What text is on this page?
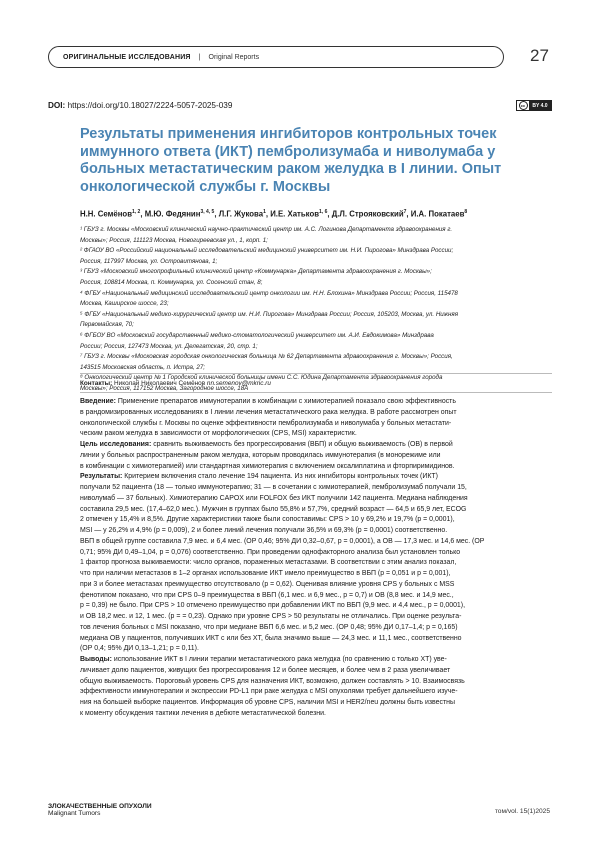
ОРИГИНАЛЬНЫЕ ИССЛЕДОВАНИЯ | Original Reports	27
DOI: https://doi.org/10.18027/2224-5057-2025-039	cc	BY 4.0
Результаты применения ингибиторов контрольных точек иммунного ответа (ИКТ) пембролизумаба и ниволумаба у больных метастатическим раком желудка в I линии. Опыт онкологической службы г. Москвы
Н.Н. Семёнов1, 2, М.Ю. Федянин3, 4, 5, Л.Г. Жукова1, И.Е. Хатьков1, 6, Д.Л. Строяковский7, И.А. Покатаев8
¹ ГБУЗ г. Москвы «Московский клинический научно-практический центр им. А.С. Логинова Департамента здравоохранения г.
Москвы»; Россия, 111123 Москва, Новогиреевская ул., 1, корп. 1;
² ФГАОУ ВО «Российский национальный исследовательский медицинский университет им. Н.И. Пирогова» Минздрава России;
Россия, 117997 Москва, ул. Островитянова, 1;
³ ГБУЗ «Московский многопрофильный клинический центр «Коммунарка» Департамента здравоохранения г. Москвы»;
Россия, 108814 Москва, п. Коммунарка, ул. Сосенский стан, 8;
⁴ ФГБУ «Национальный медицинский исследовательский центр онкологии им. Н.Н. Блохина» Минздрава России; Россия, 115478
Москва, Каширское шоссе, 23;
⁵ ФГБУ «Национальный медико-хирургический центр им. Н.И. Пирогова» Минздрава России; Россия, 105203, Москва, ул. Нижняя
Первомайская, 70;
⁶ ФГБОУ ВО «Московский государственный медико-стоматологический университет им. А.И. Евдокимова» Минздрава
России; Россия, 127473 Москва, ул. Делегатская, 20, стр. 1;
⁷ ГБУЗ г. Москвы «Московская городская онкологическая больница № 62 Департамента здравоохранения г. Москвы»; Россия,
143515 Московская область, п. Истра, 27;
⁸ Онкологический центр № 1 Городской клинической больницы имени С.С. Юдина Департамента здравоохранения города
Москвы»; Россия, 117152 Москва, Загородное шоссе, 18А
Контакты: Николай Николаевич Семёнов nn.semenov@mknc.ru

Введение: Применение препаратов иммунотерапии в комбинации с химиотерапией показало свою эффективность

в рандомизированных исследованиях в I линии лечения метастатического рака желудка. В работе рассмотрен опыт

онкологической службы г. Москвы по оценке эффективности пембролизумаба и ниволумаба у больных метастати-

ческим раком желудка в зависимости от морфологических (CPS, MSI) характеристик.

Цель исследования: сравнить выживаемость без прогрессирования (ВБП) и общую выживаемость (ОВ) в первой

линии у больных распространенным раком желудка, которым проводилась иммунотерапия (в монорежиме или

в комбинации с химиотерапией) или стандартная химиотерапия с включением оксалиплатина и фторпиримидинов.

Результаты: Критерием включения стало лечение 194 пациента. Из них ингибиторы контрольных точек (ИКТ)

получали 52 пациента (18 — только иммунотерапию; 31 — в сочетании с химиотерапией, пембролизумаб получали 15,

ниволумаб — 37 больных). Химиотерапию CAPOX или FOLFOX без ИКТ получили 142 пациента. Медиана наблюдения

составила 29,5 мес. (17,4–62,0 мес.). Мужчин в группах было 55,8% и 57,7%, средний возраст — 64,5 и 65,9 лет, ECOG

2 отмечен у 15,4% и 8,5%. Другие характеристики также были сопоставимы: CPS > 10 у 69,2% и 19,7% (p = 0,0001),

MSI — у 26,2% и 4,9% (p = 0,009), 2 и более линий лечения получали 36,5% и 69,3% (p = 0,0001) соответственно.

ВБП в общей группе составила 7,9 мес. и 6,4 мес. (ОР 0,46; 95% ДИ 0,32–0,67, p = 0,0001), а ОВ — 17,3 мес. и 14,6 мес. (ОР

0,71; 95% ДИ 0,49–1,04, p = 0,076) соответственно. При проведении однофакторного анализа был установлен только

1 фактор прогноза выживаемости: число органов, пораженных метастазами. В соответствии с этим анализ показал,

что при наличии метастазов в 1–2 органах использование ИКТ имело преимущество в ВБП (p = 0,051 и p = 0,001),

при 3 и более метастазах преимущество отсутствовало (p = 0,62). Оценивая влияние уровня CPS у больных с MSS

фенотипом показано, что при CPS 0–9 преимущества в ВБП (6,1 мес. и 6,9 мес., p = 0,7) и ОВ (8,8 мес. и 14,9 мес.,

p = 0,39) не было. При CPS > 10 отмечено преимущество при добавлении ИКТ по ВБП (9,9 мес. и 4,4 мес., p = 0,0001),

и ОВ 18,2 мес. и 12, 1 мес. (p = = 0,23). Однако при уровне CPS > 50 результаты не отличались. При оценке результа-

тов лечения больных с MSI показано, что при медиане ВБП 6,6 мес. и 5,2 мес. (ОР 0,48; 95% ДИ 0,17–1,4; p = 0,165)

медиана ОВ у пациентов, получивших ИКТ с или без ХТ, была значимо выше — 24,3 мес. и 11,1 мес., соответственно

(ОР 0,4; 95% ДИ 0,13–1,21; p = 0,11).

Выводы: использование ИКТ в I линии терапии метастатического рака желудка (по сравнению с только ХТ) уве-

личивает долю пациентов, живущих без прогрессирования 12 и более месяцев, и более чем в 2 раза увеличивает

общую выживаемость. Пороговый уровень CPS для назначения ИКТ, возможно, должен составлять > 10. Взаимосвязь

эффективности иммунотерапии и экспрессии PD-L1 при раке желудка с MSI опухолями требует дальнейшего изуче-

ния на большей выборке пациентов. Информация об уровне CPS, наличии MSI и HER2/neu должны быть известны

к моменту обсуждения тактики лечения в дебюте метастатической болезни.

ЗЛОКАЧЕСТВЕННЫЕ ОПУХОЛИ
Malignant Tumors	том/vol. 15(1)2025
